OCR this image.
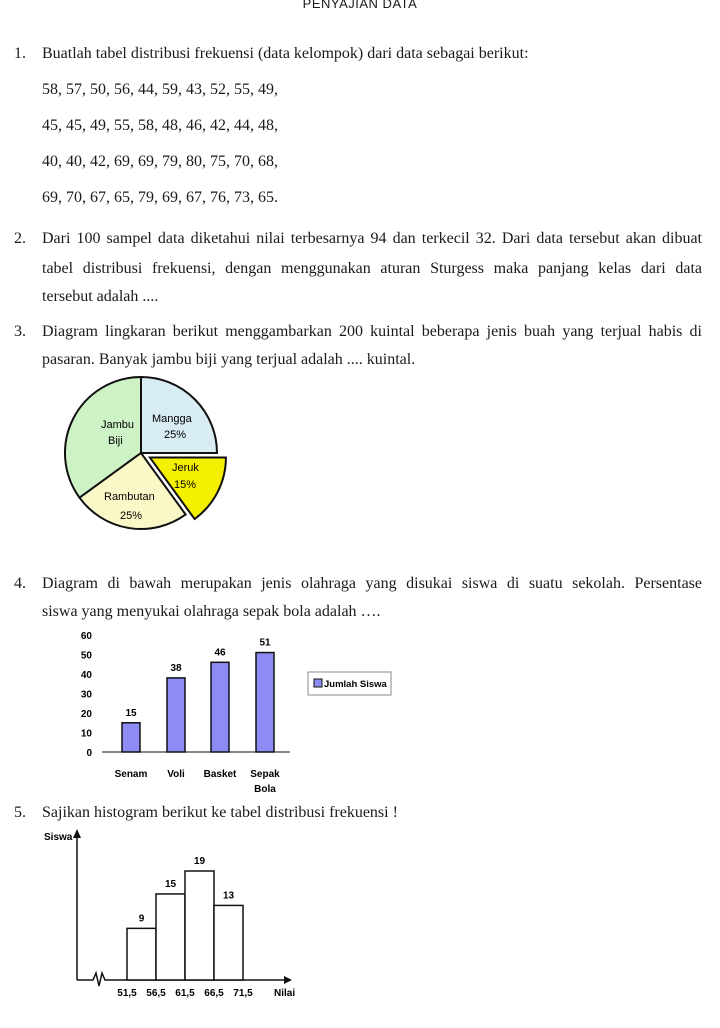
PENYAJIAN DATA
1. Buatlah tabel distribusi frekuensi (data kelompok) dari data sebagai berikut:
58, 57, 50, 56, 44, 59, 43, 52, 55, 49,
45, 45, 49, 55, 58, 48, 46, 42, 44, 48,
40, 40, 42, 69, 69, 79, 80, 75, 70, 68,
69, 70, 67, 65, 79, 69, 67, 76, 73, 65.
2. Dari 100 sampel data diketahui nilai terbesarnya 94 dan terkecil 32. Dari data tersebut akan dibuat
tabel distribusi frekuensi, dengan menggunakan aturan Sturgess maka panjang kelas dari data
tersebut adalah ....
3. Diagram lingkaran berikut menggambarkan 200 kuintal beberapa jenis buah yang terjual habis di
pasaran. Banyak jambu biji yang terjual adalah .... kuintal.
Jambu
Biji
Mangga
25%
Jeruk
15%
Rambutan
25%
4. Diagram di bawah merupakan jenis olahraga yang disukai siswa di suatu sekolah. Persentase
siswa yang menyukai olahraga sepak bola adalah ….
0
10
20
30
40
50
60
15
38
46
51
Senam Voli Basket Sepak
Bola
Jumlah Siswa
5. Sajikan histogram berikut ke tabel distribusi frekuensi !
Siswa
9
15
19
13
51,5 56,5 61,5 66,5 71,5 Nilai
